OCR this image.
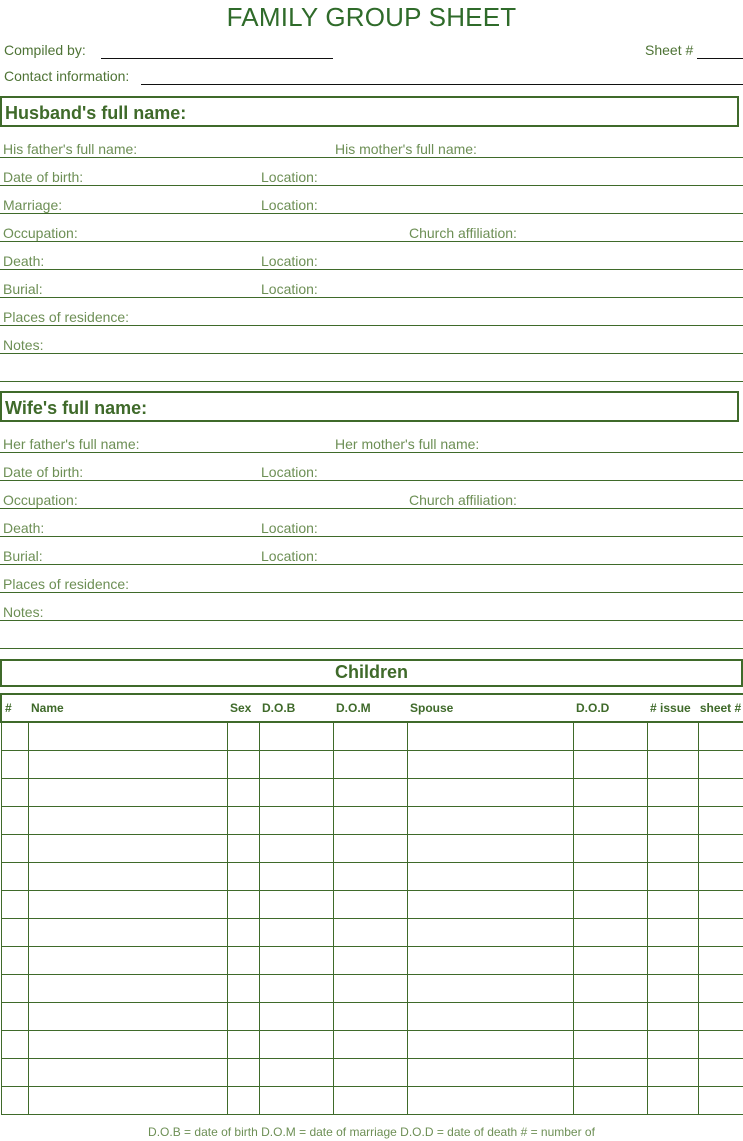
FAMILY GROUP SHEET
Compiled by:	Sheet #
Contact information:
Husband's full name:
His father's full name:	His mother's full name:
Date of birth:	Location:
Marriage:	Location:
Occupation:	Church affiliation:
Death:	Location:
Burial:	Location:
Places of residence:
Notes:
Wife's full name:
Her father's full name:	Her mother's full name:
Date of birth:	Location:
Occupation:	Church affiliation:
Death:	Location:
Burial:	Location:
Places of residence:
Notes:
Children
#	Name	Sex	D.O.B	D.O.M	Spouse	D.O.D	# issue	sheet #

D.O.B = date of birth D.O.M = date of marriage D.O.D = date of death # = number of
